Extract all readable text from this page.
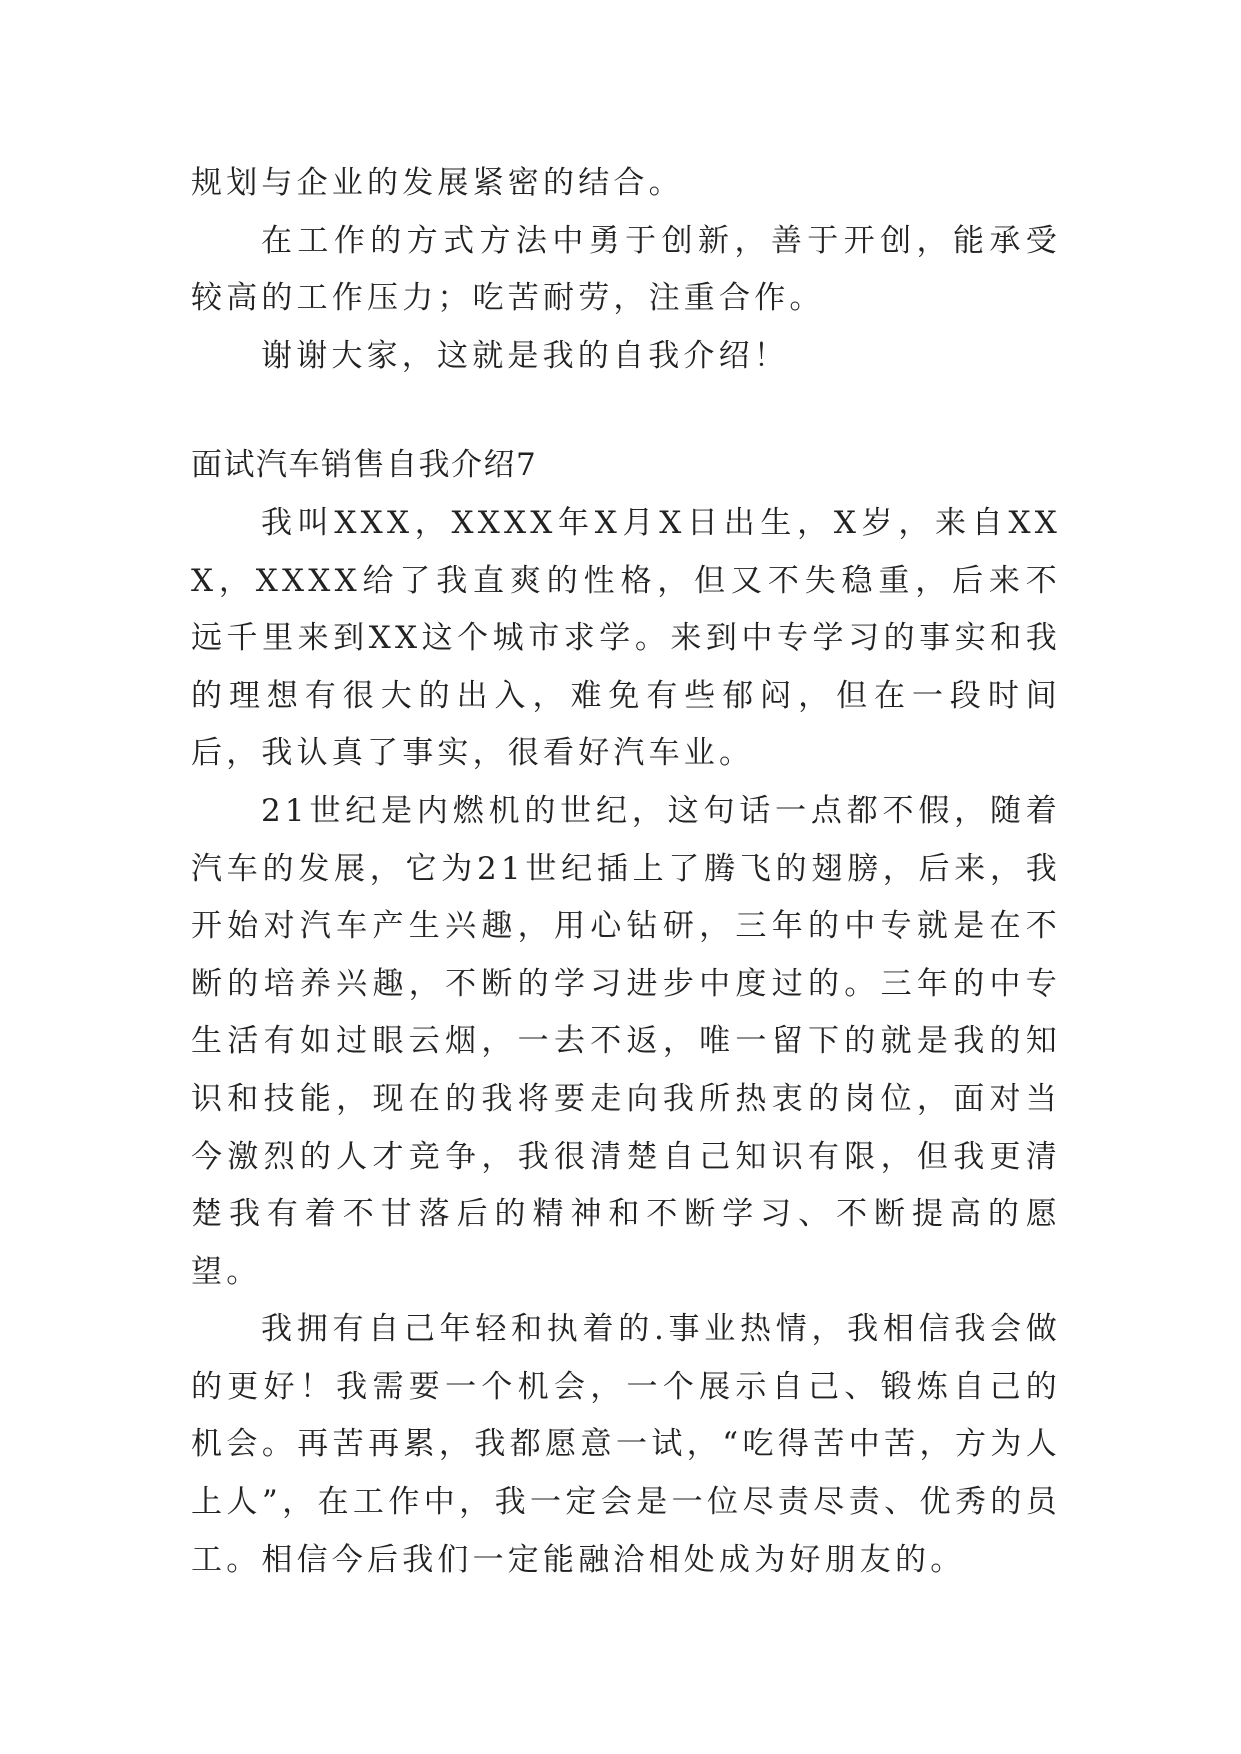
规划与企业的发展紧密的结合。

在工作的方式方法中勇于创新，善于开创，能承受较高的工作压力；吃苦耐劳，注重合作。

谢谢大家，这就是我的自我介绍！

面试汽车销售自我介绍7

我叫XXX，XXXX年X月X日出生，X岁，来自XXX，XXXX给了我直爽的性格，但又不失稳重，后来不远千里来到XX这个城市求学。来到中专学习的事实和我的理想有很大的出入，难免有些郁闷，但在一段时间后，我认真了事实，很看好汽车业。

21世纪是内燃机的世纪，这句话一点都不假，随着汽车的发展，它为21世纪插上了腾飞的翅膀，后来，我开始对汽车产生兴趣，用心钻研，三年的中专就是在不断的培养兴趣，不断的学习进步中度过的。三年的中专生活有如过眼云烟，一去不返，唯一留下的就是我的知识和技能，现在的我将要走向我所热衷的岗位，面对当今激烈的人才竞争，我很清楚自己知识有限，但我更清楚我有着不甘落后的精神和不断学习、不断提高的愿望。

我拥有自己年轻和执着的.事业热情，我相信我会做的更好！我需要一个机会，一个展示自己、锻炼自己的机会。再苦再累，我都愿意一试，“吃得苦中苦，方为人上人”，在工作中，我一定会是一位尽责尽责、优秀的员工。相信今后我们一定能融洽相处成为好朋友的。
